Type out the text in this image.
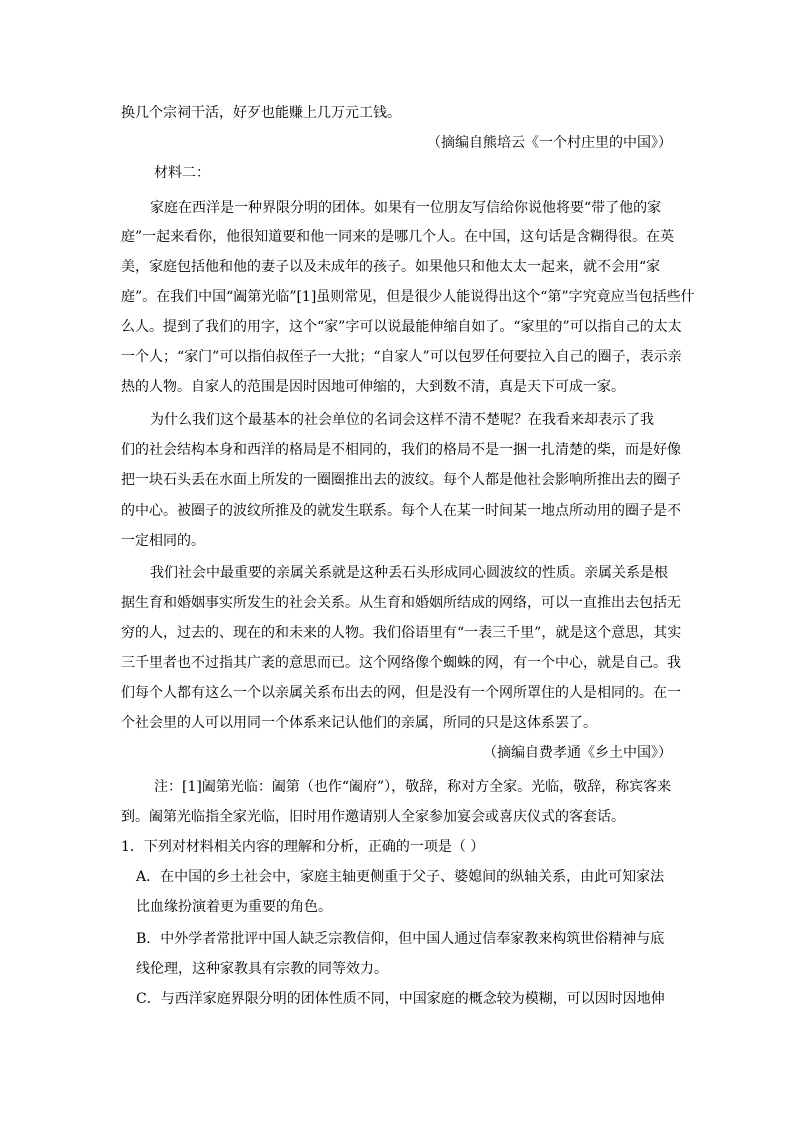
换几个宗祠干活，好歹也能赚上几万元工钱。
（摘编自熊培云《一个村庄里的中国》）
材料二：
家庭在西洋是一种界限分明的团体。如果有一位朋友写信给你说他将要“带了他的家
庭”一起来看你，他很知道要和他一同来的是哪几个人。在中国，这句话是含糊得很。在英
美，家庭包括他和他的妻子以及未成年的孩子。如果他只和他太太一起来，就不会用“家
庭”。在我们中国“阖第光临”[1]虽则常见，但是很少人能说得出这个“第”字究竟应当包括些什
么人。提到了我们的用字，这个“家”字可以说最能伸缩自如了。“家里的”可以指自己的太太
一个人；“家门”可以指伯叔侄子一大批；“自家人”可以包罗任何要拉入自己的圈子，表示亲
热的人物。自家人的范围是因时因地可伸缩的，大到数不清，真是天下可成一家。
为什么我们这个最基本的社会单位的名词会这样不清不楚呢？在我看来却表示了我
们的社会结构本身和西洋的格局是不相同的，我们的格局不是一捆一扎清楚的柴，而是好像
把一块石头丢在水面上所发的一圈圈推出去的波纹。每个人都是他社会影响所推出去的圈子
的中心。被圈子的波纹所推及的就发生联系。每个人在某一时间某一地点所动用的圈子是不
一定相同的。
我们社会中最重要的亲属关系就是这种丢石头形成同心圆波纹的性质。亲属关系是根
据生育和婚姻事实所发生的社会关系。从生育和婚姻所结成的网络，可以一直推出去包括无
穷的人，过去的、现在的和未来的人物。我们俗语里有“一表三千里”，就是这个意思，其实
三千里者也不过指其广袤的意思而已。这个网络像个蜘蛛的网，有一个中心，就是自己。我
们每个人都有这么一个以亲属关系布出去的网，但是没有一个网所罩住的人是相同的。在一
个社会里的人可以用同一个体系来记认他们的亲属，所同的只是这体系罢了。
（摘编自费孝通《乡土中国》）
注：[1]阖第光临：阖第（也作“阖府”），敬辞，称对方全家。光临，敬辞，称宾客来
到。阖第光临指全家光临，旧时用作邀请别人全家参加宴会或喜庆仪式的客套话。
1．下列对材料相关内容的理解和分析，正确的一项是（ ）
A．在中国的乡土社会中，家庭主轴更侧重于父子、婆媳间的纵轴关系，由此可知家法
比血缘扮演着更为重要的角色。
B．中外学者常批评中国人缺乏宗教信仰，但中国人通过信奉家教来构筑世俗精神与底
线伦理，这种家教具有宗教的同等效力。
C．与西洋家庭界限分明的团体性质不同，中国家庭的概念较为模糊，可以因时因地伸
